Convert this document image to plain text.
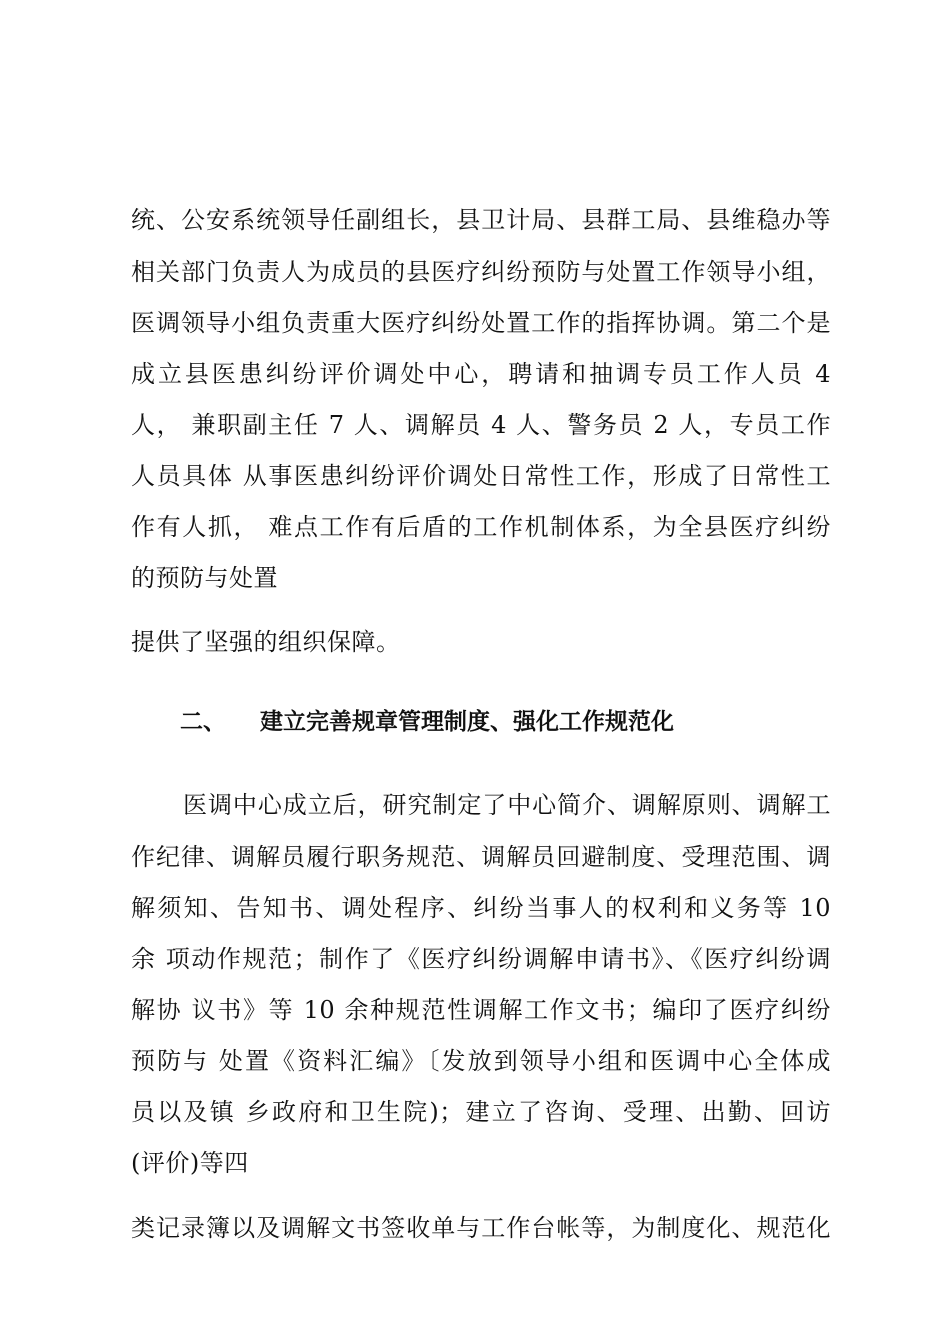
统、公安系统领导任副组长，县卫计局、县群工局、县维稳办等
相关部门负责人为成员的县医疗纠纷预防与处置工作领导小组，
医调领导小组负责重大医疗纠纷处置工作的指挥协调。第二个是
成立县医患纠纷评价调处中心，聘请和抽调专员工作人员 4
人， 兼职副主任 7 人、调解员 4 人、警务员 2 人，专员工作
人员具体 从事医患纠纷评价调处日常性工作，形成了日常性工
作有人抓， 难点工作有后盾的工作机制体系，为全县医疗纠纷
的预防与处置
提供了坚强的组织保障。
二、 建立完善规章管理制度、强化工作规范化
医调中心成立后，研究制定了中心简介、调解原则、调解工
作纪律、调解员履行职务规范、调解员回避制度、受理范围、调
解须知、告知书、调处程序、纠纷当事人的权利和义务等 10
余 项动作规范；制作了《医疗纠纷调解申请书》、《医疗纠纷调
解协 议书》等 10 余种规范性调解工作文书；编印了医疗纠纷
预防与 处置《资料汇编》〔发放到领导小组和医调中心全体成
员以及镇 乡政府和卫生院)；建立了咨询、受理、出勤、回访
(评价)等四
类记录簿以及调解文书签收单与工作台帐等，为制度化、规范化
